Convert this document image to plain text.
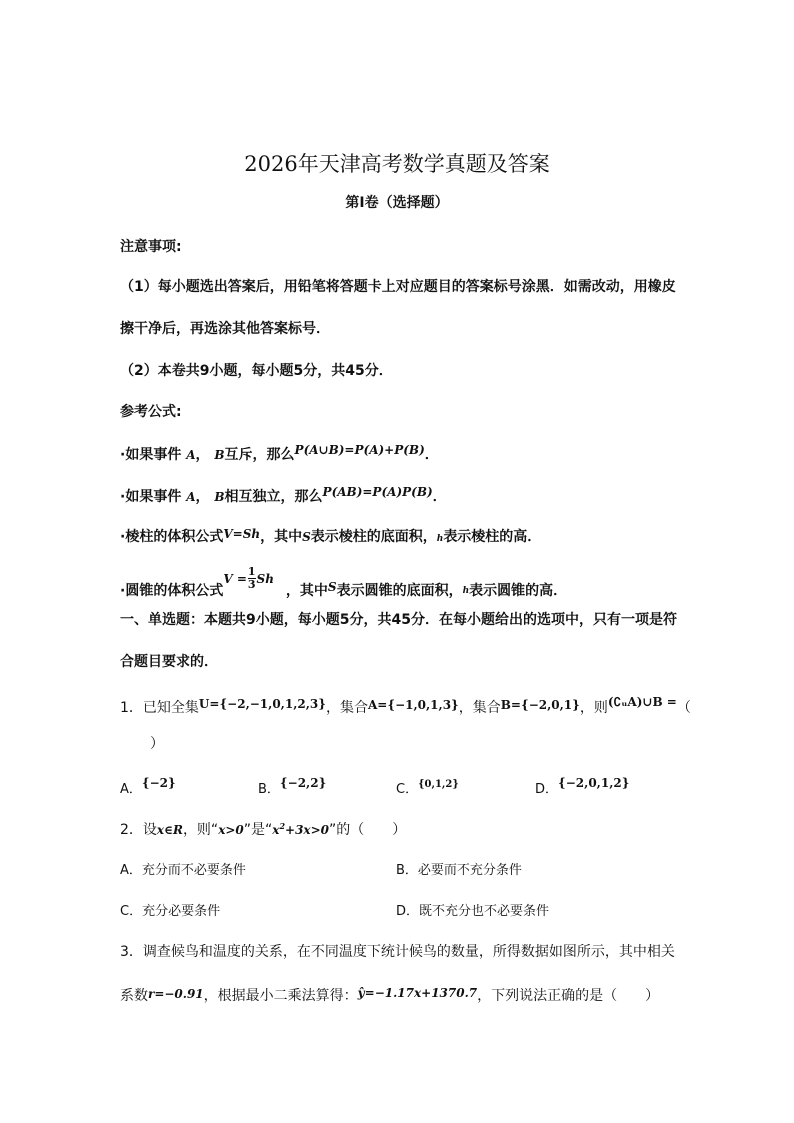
2026年天津高考数学真题及答案
第Ⅰ卷（选择题）
注意事项:
（1）每小题选出答案后，用铅笔将答题卡上对应题目的答案标号涂黑．如需改动，用橡皮
擦干净后，再选涂其他答案标号．
（2）本卷共9小题，每小题5分，共45分．
参考公式:
·如果事件 A， B互斥，那么P(A∪B)=P(A)+P(B)．
·如果事件 A， B相互独立，那么P(AB)=P(A)P(B)．
·棱柱的体积公式V=Sh，其中S表示棱柱的底面积，h表示棱柱的高．
·圆锥的体积公式$V = \frac{1}{3}$ Sh，其中S表示圆锥的底面积，$_h$表示圆锥的高．
一、单选题：本题共9小题，每小题5分，共45分．在每小题给出的选项中，只有一项是符
合题目要求的．
1．已知全集U={−2,−1,0,1,2,3}，集合A={−1,0,1,3}，集合B={−2,0,1}，则(∁ᵤA)∪B =（
）
A．{−2}	B．{−2,2}	C．$^{\{0,1,2\}}$	D．{−2,0,1,2}
2．设x∈R，则“x>0”是“$x^2+3x>0$”的（　　）
A．充分而不必要条件	B．必要而不充分条件
C．充分必要条件	D．既不充分也不必要条件
3．调查候鸟和温度的关系，在不同温度下统计候鸟的数量，所得数据如图所示，其中相关
系数r=−0.91，根据最小二乘法算得：ŷ=−1.17x+1370.7，下列说法正确的是（　　）
